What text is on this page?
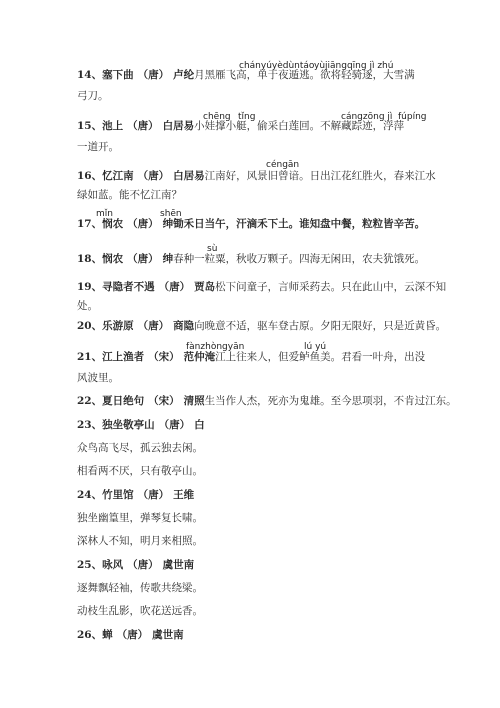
chányúyèdùntáo yùjiāngqīng jì zhú
14、塞下曲 （唐） 卢纶月黑雁飞高，单于夜遁逃。欲将轻骑逐，大雪满
弓刀。
chēng tǐng	cángzōng jì fúpíng
15、池上 （唐） 白居易小娃撑小艇，偷采白莲回。不解藏踪迹，浮萍
一道开。
céngān
16、忆江南 （唐） 白居易江南好，风景旧曾谙。日出江花红胜火，春来江水
绿如蓝。能不忆江南？
mǐn	shēn
17、悯农 （唐） 绅锄禾日当午，汗滴禾下土。谁知盘中餐，粒粒皆辛苦。
sù
18、悯农 （唐） 绅春种一粒粟，秋收万颗子。四海无闲田，农夫犹饿死。
19、寻隐者不遇 （唐） 贾岛松下问童子，言师采药去。只在此山中，云深不知
处。
20、乐游原 （唐） 商隐向晚意不适，驱车登古原。夕阳无限好，只是近黄昏。
fànzhòngyān	lú yú
21、江上渔者 （宋） 范仲淹江上往来人，但爱鲈鱼美。君看一叶舟，出没
风波里。
22、夏日绝句 （宋） 清照生当作人杰，死亦为鬼雄。至今思项羽，不肯过江东。
23、独坐敬亭山 （唐） 白
众鸟高飞尽，孤云独去闲。
相看两不厌，只有敬亭山。
24、竹里馆 （唐） 王维
独坐幽篁里，弹琴复长啸。
深林人不知，明月来相照。
25、咏风 （唐） 虞世南
逐舞飘轻袖，传歌共绕梁。
动枝生乱影，吹花送远香。
26、蝉 （唐） 虞世南
